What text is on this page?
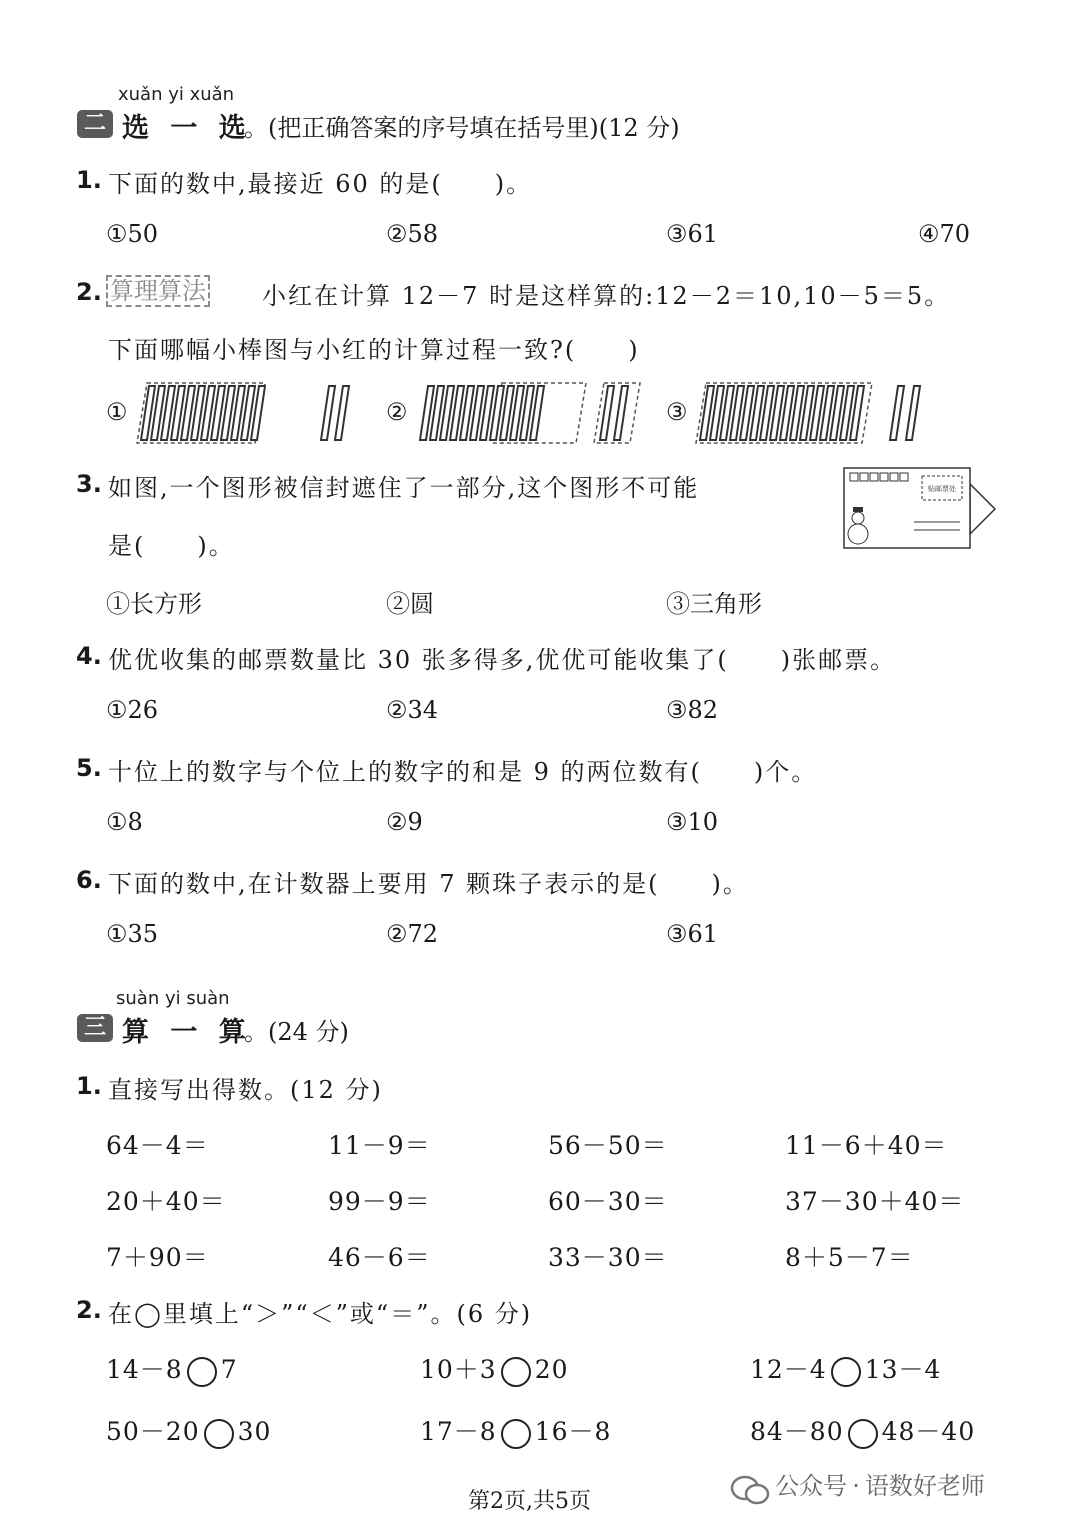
xuǎn yi xuǎn
二 选 一 选
。(把正确答案的序号填在括号里)(12 分)
1. 下面的数中,最接近 60 的是(　　)。
①50	②58	③61	④70
2. 算理算法 小红在计算 12－7 时是这样算的:12－2＝10,10－5＝5。
下面哪幅小棒图与小红的计算过程一致?(　　)
①	②	③
3. 如图,一个图形被信封遮住了一部分,这个图形不可能
是(　　)。
贴邮票处
①长方形	②圆	③三角形
4. 优优收集的邮票数量比 30 张多得多,优优可能收集了(　　)张邮票。
①26	②34	③82
5. 十位上的数字与个位上的数字的和是 9 的两位数有(　　)个。
①8	②9	③10
6. 下面的数中,在计数器上要用 7 颗珠子表示的是(　　)。
①35	②72	③61
suàn yi suàn
三 算 一 算
。(24 分)
1. 直接写出得数。(12 分)
64－4＝	11－9＝	56－50＝	11－6＋40＝
20＋40＝	99－9＝	60－30＝	37－30＋40＝
7＋90＝	46－6＝	33－30＝	8＋5－7＝
2. 在◯里填上“＞”“＜”或“＝”。(6 分)
14－8 7	10＋3 20	12－4 13－4
50－20 30	17－8 16－8	84－80 48－40
第2页,共5页
公众号 · 语数好老师
